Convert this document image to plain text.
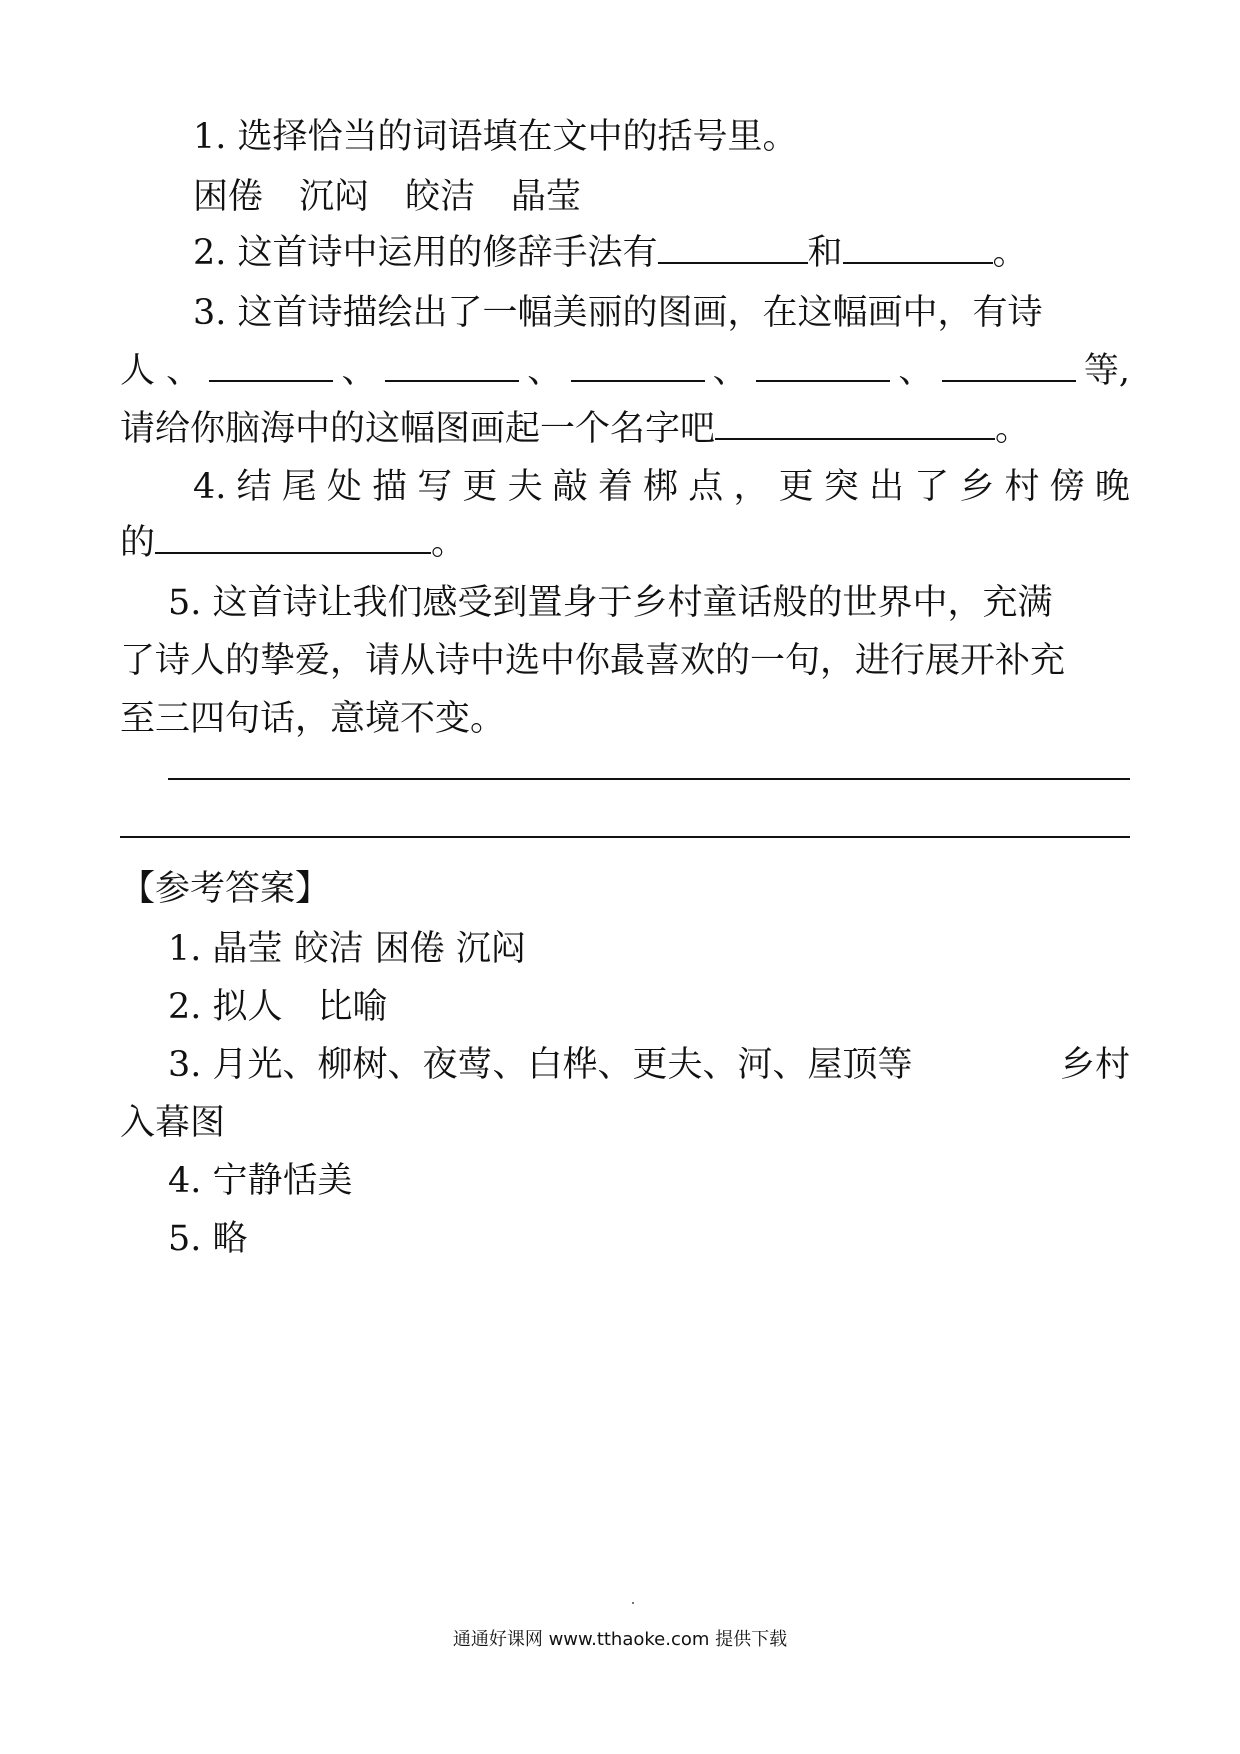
1. 选择恰当的词语填在文中的括号里。
困倦 沉闷 皎洁 晶莹
2. 这首诗中运用的修辞手法有	和	。
3. 这首诗描绘出了一幅美丽的图画，在这幅画中，有诗
人 、	、	、	、	、	等,
请给你脑海中的这幅图画起一个名字吧	。
4. 结 尾 处 描 写 更 夫 敲 着 梆 点 ， 更 突 出 了 乡 村 傍 晚
的	。
5. 这首诗让我们感受到置身于乡村童话般的世界中，充满
了诗人的挚爱，请从诗中选中你最喜欢的一句，进行展开补充
至三四句话，意境不变。
【参考答案】
1. 晶莹 皎洁 困倦 沉闷
2. 拟人　比喻
3. 月光、柳树、夜莺、白桦、更夫、河、屋顶等	乡村
入暮图
4. 宁静恬美
5. 略
通通好课网 www.tthaoke.com 提供下载
